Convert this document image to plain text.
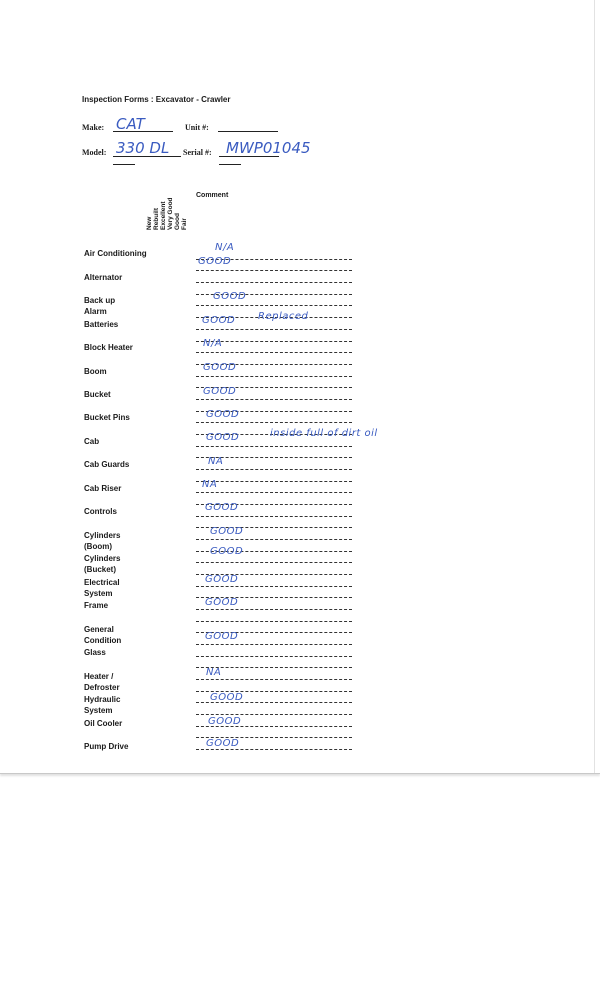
Inspection Forms : Excavator - Crawler
Make: CAT	Unit #:
Model: 330 DL Serial #: MWP01045
New Rebuilt Excellent Very Good Good Fair
Comment
Air Conditioning
Alternator
Back up Alarm
Batteries
Block Heater
Boom
Bucket
Bucket Pins
Cab
Cab Guards
Cab Riser
Controls
Cylinders (Boom)
Cylinders (Bucket)
Electrical System
Frame
General Condition
Glass
Heater / Defroster
Hydraulic System
Oil Cooler
Pump Drive
N/A
GOOD
GOOD
GOOD Replaced
N/A
GOOD
GOOD
GOOD
GOOD	inside full of dirt oil
NA
NA
GOOD
GOOD
GOOD
GOOD
GOOD
GOOD
NA
GOOD
GOOD
GOOD
